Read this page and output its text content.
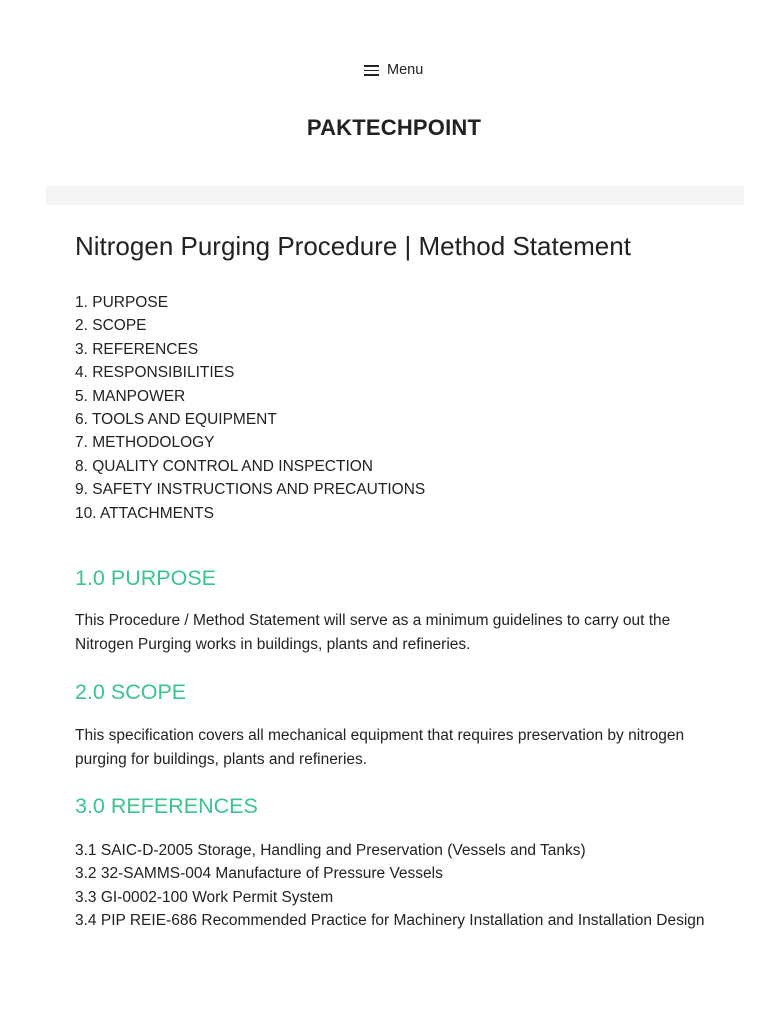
Menu
PAKTECHPOINT
Nitrogen Purging Procedure | Method Statement
1. PURPOSE
2. SCOPE
3. REFERENCES
4. RESPONSIBILITIES
5. MANPOWER
6. TOOLS AND EQUIPMENT
7. METHODOLOGY
8. QUALITY CONTROL AND INSPECTION
9. SAFETY INSTRUCTIONS AND PRECAUTIONS
10. ATTACHMENTS
1.0 PURPOSE

This Procedure / Method Statement will serve as a minimum guidelines to carry out the Nitrogen Purging works in buildings, plants and refineries.

2.0 SCOPE

This specification covers all mechanical equipment that requires preservation by nitrogen purging for buildings, plants and refineries.

3.0 REFERENCES
3.1 SAIC-D-2005 Storage, Handling and Preservation (Vessels and Tanks)
3.2 32-SAMMS-004 Manufacture of Pressure Vessels
3.3 GI-0002-100 Work Permit System
3.4 PIP REIE-686 Recommended Practice for Machinery Installation and Installation Design
